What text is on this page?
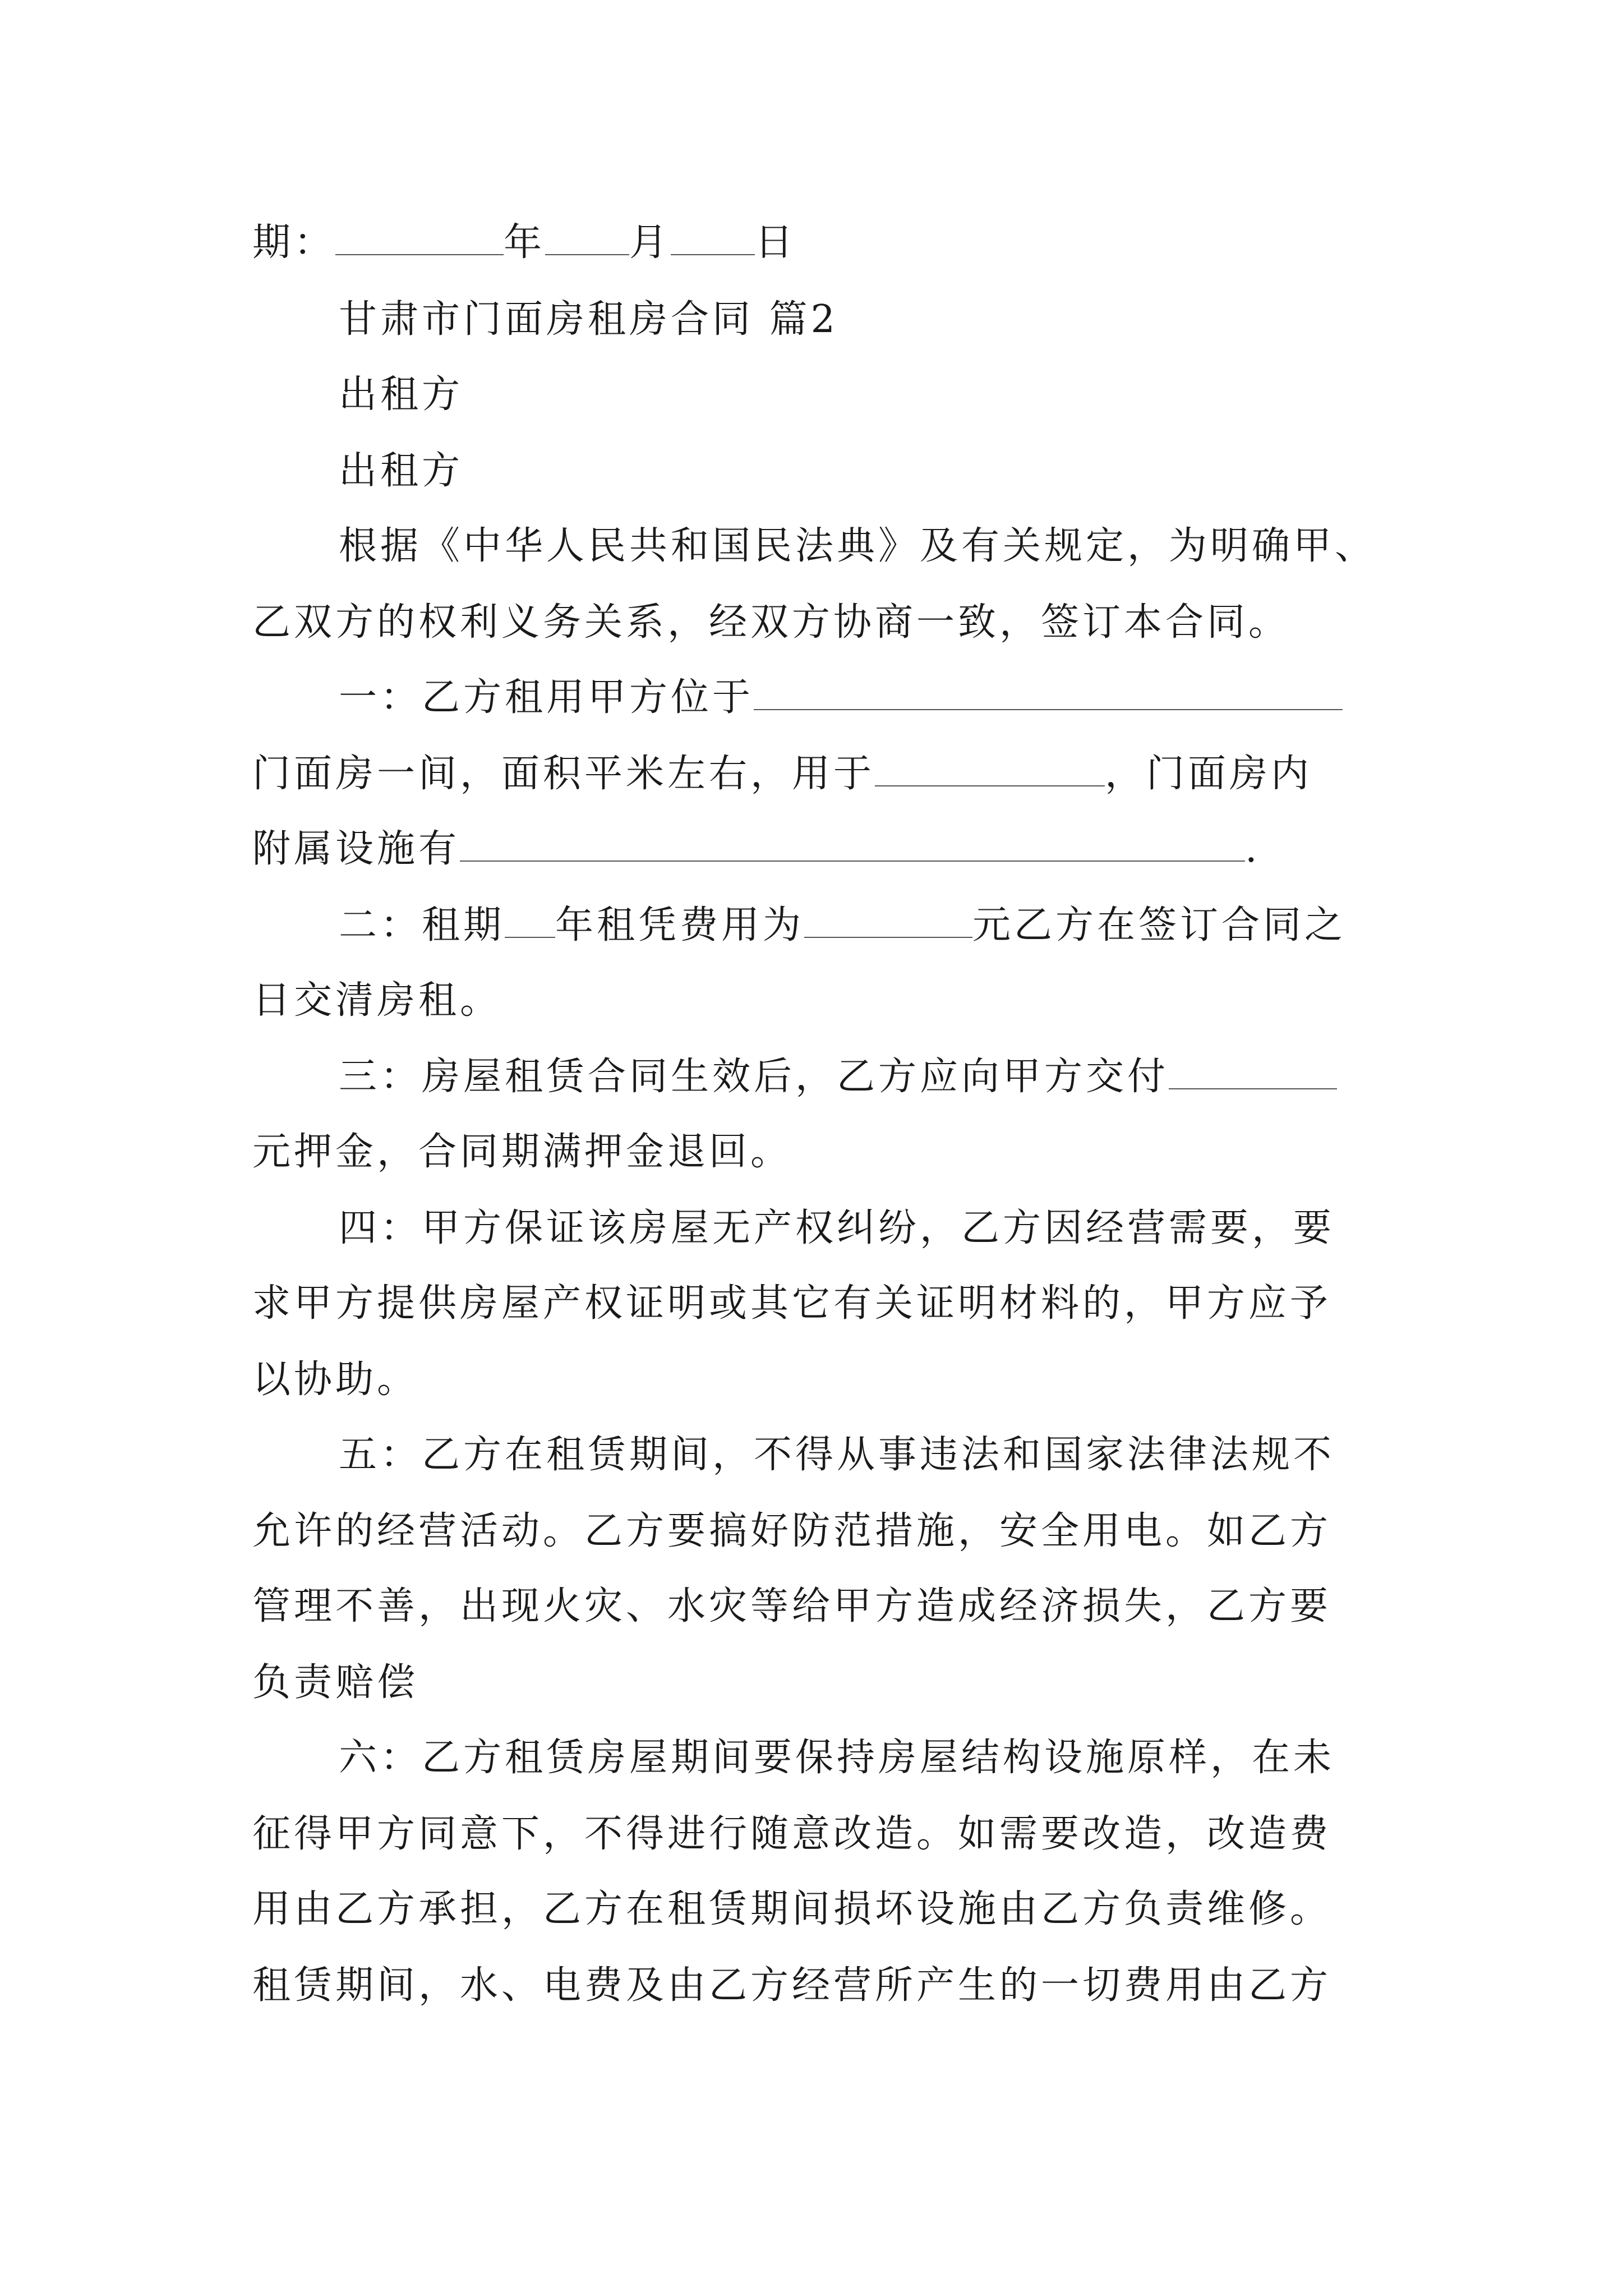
期：	年 月 日
甘肃市门面房租房合同 篇2
出租方
出租方
根据《中华人民共和国民法典》及有关规定，为明确甲、
乙双方的权利义务关系，经双方协商一致，签订本合同。
一：乙方租用甲方位于
门面房一间，面积平米左右，用于	，门面房内
附属设施有	.
二：租期 年租凭费用为	元乙方在签订合同之
日交清房租。
三：房屋租赁合同生效后，乙方应向甲方交付
元押金，合同期满押金退回。
四：甲方保证该房屋无产权纠纷，乙方因经营需要，要
求甲方提供房屋产权证明或其它有关证明材料的，甲方应予
以协助。
五：乙方在租赁期间，不得从事违法和国家法律法规不
允许的经营活动。乙方要搞好防范措施，安全用电。如乙方
管理不善，出现火灾、水灾等给甲方造成经济损失，乙方要
负责赔偿
六：乙方租赁房屋期间要保持房屋结构设施原样，在未
征得甲方同意下，不得进行随意改造。如需要改造，改造费
用由乙方承担，乙方在租赁期间损坏设施由乙方负责维修。
租赁期间，水、电费及由乙方经营所产生的一切费用由乙方
